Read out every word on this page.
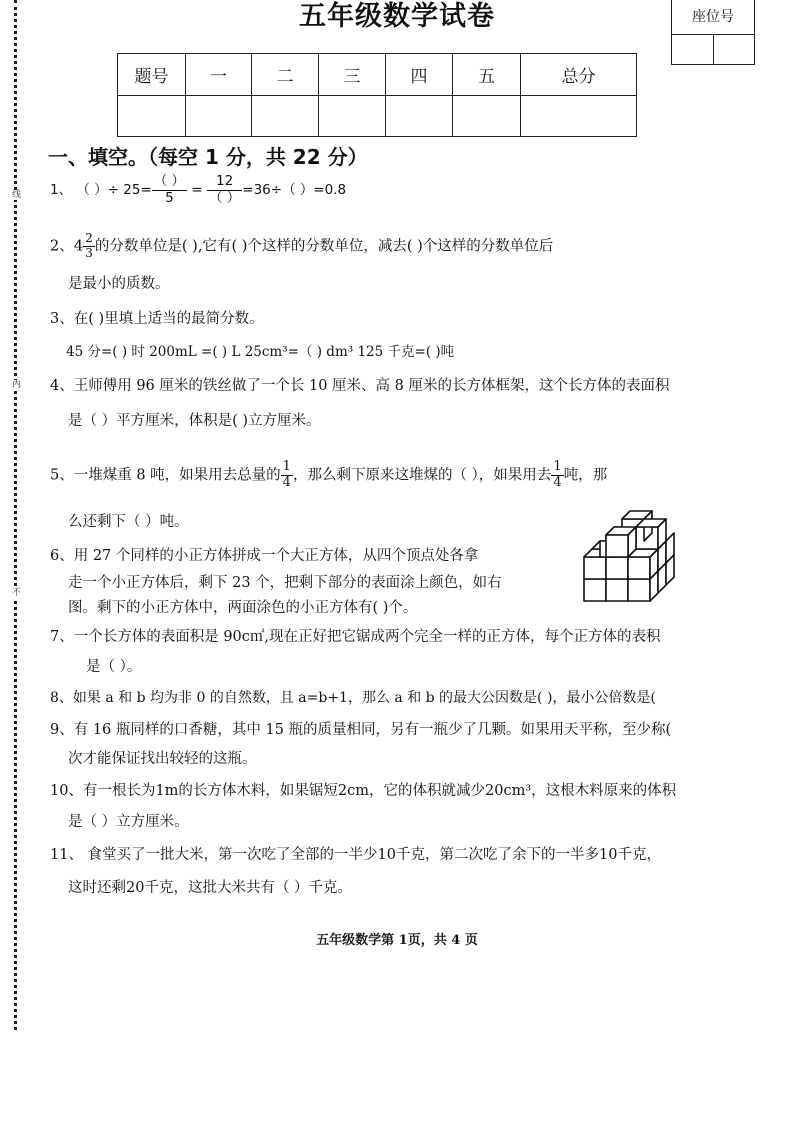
线
内
不
五年级数学试卷	座位号
题号	一	二	三	四	五	总分

一、填空。（每空 1 分，共 22 分）
1、 （ ）÷ $25= \frac{( )}{5} = \frac{12}{( )} =36\div$（ ）=0.8
2、$4 \frac{2}{3}$ 的分数单位是( ),它有( )个这样的分数单位，减去( )个这样的分数单位后
是最小的质数。
3、在( )里填上适当的最简分数。
45 分=( ) 时 200mL =( ) L 25cm³=（ ) dm³ 125 千克=( )吨
4、王师傅用 96 厘米的铁丝做了一个长 10 厘米、高 8 厘米的长方体框架，这个长方体的表面积
是（ ）平方厘米，体积是( )立方厘米。
5、一堆煤重 8 吨，如果用去总量的 $\frac{1}{4}$ ，那么剩下原来这堆煤的（ ），如果用去 $\frac{1}{4}$ 吨，那
么还剩下（ ）吨。
6、用 27 个同样的小正方体拼成一个大正方体，从四个顶点处各拿
走一个小正方体后，剩下 23 个，把剩下部分的表面涂上颜色，如右
图。剩下的小正方体中，两面涂色的小正方体有( )个。
7、一个长方体的表面积是 90c㎡,现在正好把它锯成两个完全一样的正方体，每个正方体的表积
是（ ）。
8、如果 a 和 b 均为非 0 的自然数，且 a=b+1，那么 a 和 b 的最大公因数是( )，最小公倍数是(
9、有 16 瓶同样的口香糖，其中 15 瓶的质量相同，另有一瓶少了几颗。如果用天平称，至少称(
次才能保证找出较轻的这瓶。
10、有一根长为1m的长方体木料，如果锯短2cm，它的体积就减少20cm³，这根木料原来的体积
是（ ）立方厘米。
11、 食堂买了一批大米，第一次吃了全部的一半少10千克，第二次吃了余下的一半多10千克，
这时还剩20千克，这批大米共有（ ）千克。
五年级数学第 1页，共 4 页
